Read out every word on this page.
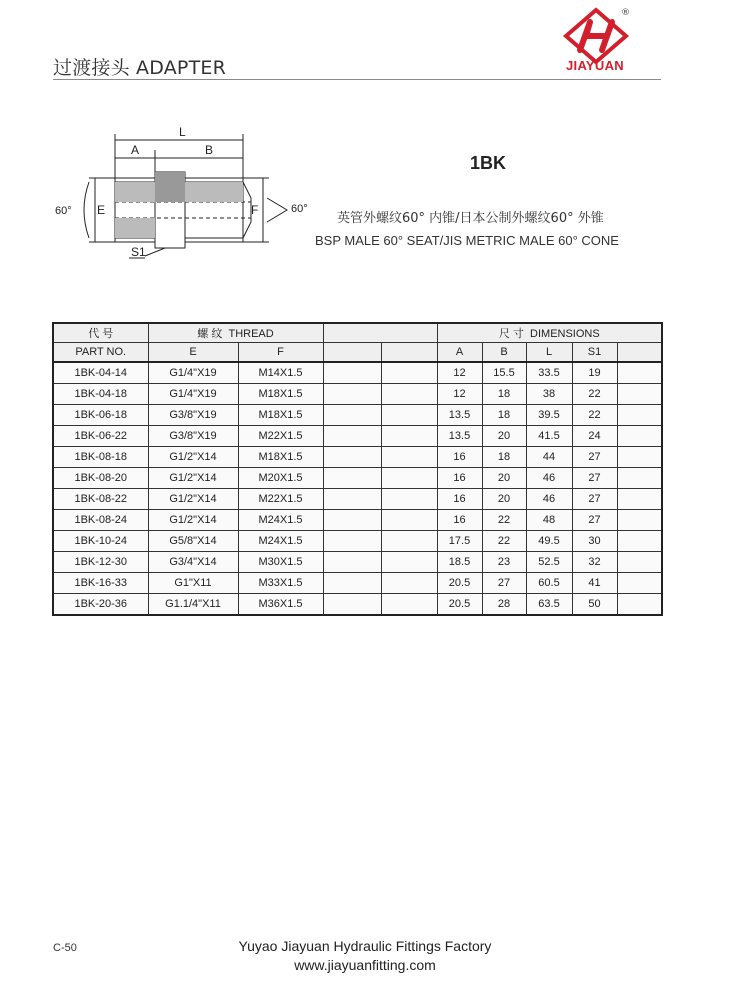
过渡接头 ADAPTER
®
JIAYUAN
L
A	B
E	F
S1
60°	60°
1BK
英管外螺纹60° 内锥/日本公制外螺纹60° 外锥
BSP MALE 60° SEAT/JIS METRIC MALE 60° CONE
代 号	螺 纹 THREAD				尺 寸 DIMENSIONS				
PART NO.	E	F			A	B	L	S1	
1BK-04-14	G1/4"X19	M14X1.5			12	15.5	33.5	19	
1BK-04-18	G1/4"X19	M18X1.5			12	18	38	22	
1BK-06-18	G3/8"X19	M18X1.5			13.5	18	39.5	22	
1BK-06-22	G3/8"X19	M22X1.5			13.5	20	41.5	24	
1BK-08-18	G1/2"X14	M18X1.5			16	18	44	27	
1BK-08-20	G1/2"X14	M20X1.5			16	20	46	27	
1BK-08-22	G1/2"X14	M22X1.5			16	20	46	27	
1BK-08-24	G1/2"X14	M24X1.5			16	22	48	27	
1BK-10-24	G5/8"X14	M24X1.5			17.5	22	49.5	30	
1BK-12-30	G3/4"X14	M30X1.5			18.5	23	52.5	32	
1BK-16-33	G1"X11	M33X1.5			20.5	27	60.5	41	
1BK-20-36	G1.1/4"X11	M36X1.5			20.5	28	63.5	50	
C-50	Yuyao Jiayuan Hydraulic Fittings Factory
www.jiayuanfitting.com
